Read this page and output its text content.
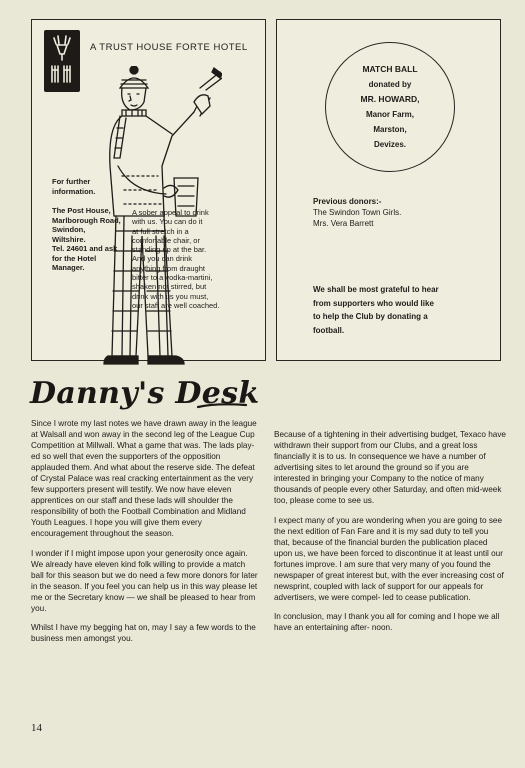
A TRUST HOUSE FORTE HOTEL
For further information.
The Post House,
Marlborough Road,
Swindon,
Wiltshire.
Tel. 24601 and ask
for the Hotel
Manager.
A sober appeal to drink
with us. You can do it
at full stretch in a
comfortable chair, or
standing up at the bar.
And you can drink
anything from draught
bitter to a vodka-martini,
shaken not stirred, but
drink with us you must,
our staff are well coached.
MATCH BALL
donated by
MR. HOWARD,
Manor Farm,
Marston,
Devizes.
Previous donors:-
The Swindon Town Girls.
Mrs. Vera Barrett
We shall be most grateful to hear
from supporters who would like
to help the Club by donating a
football.
Danny's Desk

Since I wrote my last notes we have drawn away in the league at Walsall and won away in the second leg of the League Cup Competition at Millwall. What a game that was. The lads play- ed so well that even the supporters of the opposition applauded them. And what about the reserve side. The defeat of Crystal Palace was real cracking entertainment as the very few supporters present will testify. We now have eleven apprentices on our staff and these lads will shoulder the responsibility of both the Football Combination and Midland Youth Leagues. I hope you will give them every encouragement throughout the season.

I wonder if I might impose upon your generosity once again. We already have eleven kind folk willing to provide a match ball for this season but we do need a few more donors for later in the season. If you feel you can help us in this way please let me or the Secretary know — we shall be pleased to hear from you.

Whilst I have my begging hat on, may I say a few words to the business men amongst you.

Because of a tightening in their advertising budget, Texaco have withdrawn their support from our Clubs, and a great loss financially it is to us. In consequence we have a number of advertising sites to let around the ground so if you are interested in bringing your Company to the notice of many thousands of people every other Saturday, and often mid-week too, please come to see us.

I expect many of you are wondering when you are going to see the next edition of Fan Fare and it is my sad duty to tell you that, because of the financial burden the publication placed upon us, we have been forced to discontinue it at least until our fortunes improve. I am sure that very many of you found the newspaper of great interest but, with the ever increasing cost of newsprint, coupled with lack of support for our appeals for advertisers, we were compel- led to cease publication.

In conclusion, may I thank you all for coming and I hope we all have an entertaining after- noon.

14
